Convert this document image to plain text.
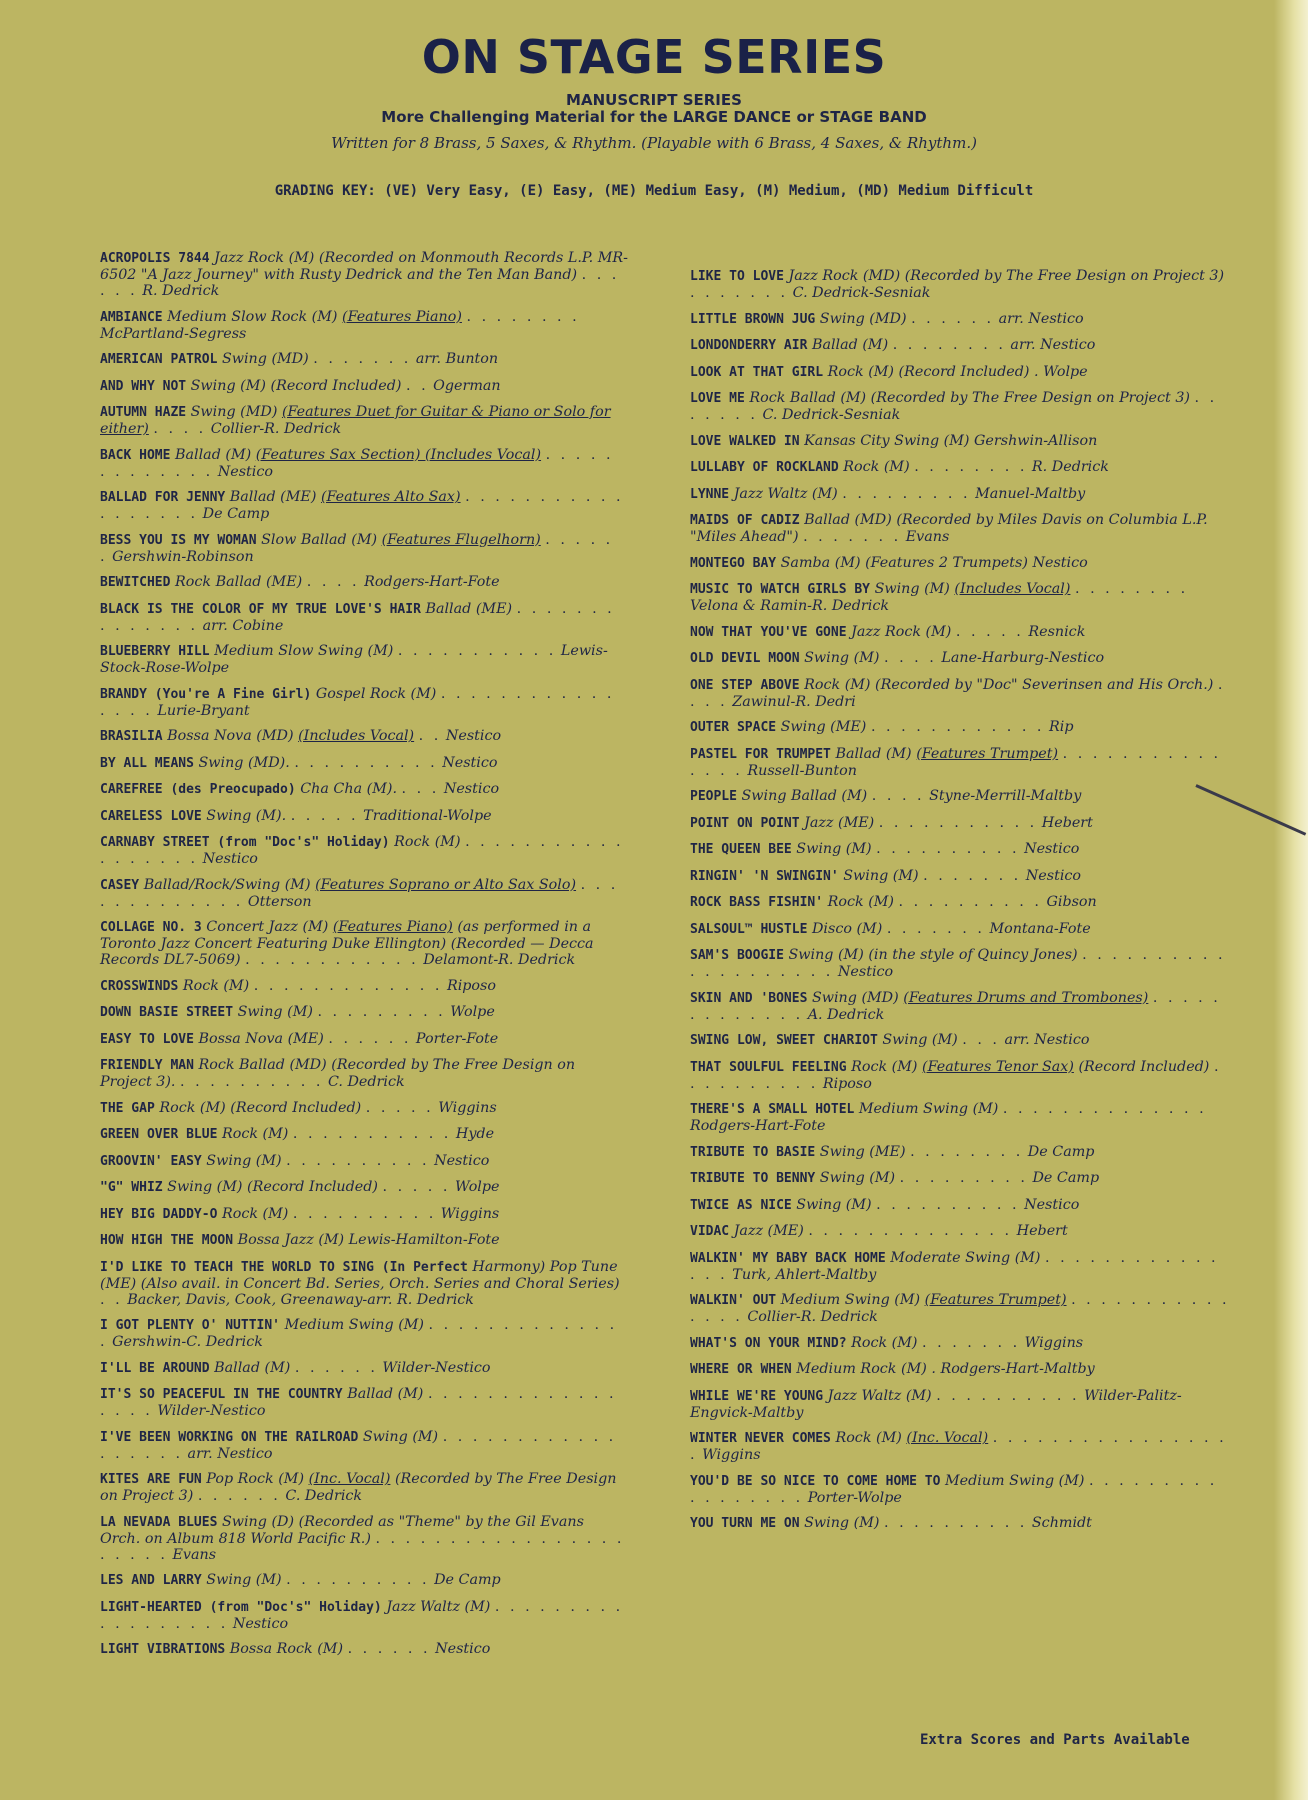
ON STAGE SERIES
MANUSCRIPT SERIES
More Challenging Material for the LARGE DANCE or STAGE BAND
Written for 8 Brass, 5 Saxes, & Rhythm. (Playable with 6 Brass, 4 Saxes, & Rhythm.)
GRADING KEY: (VE) Very Easy, (E) Easy, (ME) Medium Easy, (M) Medium, (MD) Medium Difficult
ACROPOLIS 7844 Jazz Rock (M) (Recorded on Monmouth Records L.P. MR-6502 "A Jazz Journey" with Rusty Dedrick and the Ten Man Band) . . . . . . R. Dedrick
AMBIANCE Medium Slow Rock (M) (Features Piano) . . . . . . . . McPartland-Segress
AMERICAN PATROL Swing (MD) . . . . . . . arr. Bunton
AND WHY NOT Swing (M) (Record Included) . . Ogerman
AUTUMN HAZE Swing (MD) (Features Duet for Guitar & Piano or Solo for either) . . . . Collier-R. Dedrick
BACK HOME Ballad (M) (Features Sax Section) (Includes Vocal) . . . . . . . . . . . . . Nestico
BALLAD FOR JENNY Ballad (ME) (Features Alto Sax) . . . . . . . . . . . . . . . . . . De Camp
BESS YOU IS MY WOMAN Slow Ballad (M) (Features Flugelhorn) . . . . . . Gershwin-Robinson
BEWITCHED Rock Ballad (ME) . . . . Rodgers-Hart-Fote
BLACK IS THE COLOR OF MY TRUE LOVE'S HAIR Ballad (ME) . . . . . . . . . . . . . . arr. Cobine
BLUEBERRY HILL Medium Slow Swing (M) . . . . . . . . . . . Lewis-Stock-Rose-Wolpe
BRANDY (You're A Fine Girl) Gospel Rock (M) . . . . . . . . . . . . . . . . Lurie-Bryant
BRASILIA Bossa Nova (MD) (Includes Vocal) . . Nestico
BY ALL MEANS Swing (MD). . . . . . . . . . . Nestico
CAREFREE (des Preocupado) Cha Cha (M). . . . Nestico
CARELESS LOVE Swing (M). . . . . . Traditional-Wolpe
CARNABY STREET (from "Doc's" Holiday) Rock (M) . . . . . . . . . . . . . . . . . . Nestico
CASEY Ballad/Rock/Swing (M) (Features Soprano or Alto Sax Solo) . . . . . . . . . . . . . Otterson
COLLAGE NO. 3 Concert Jazz (M) (Features Piano) (as performed in a Toronto Jazz Concert Featuring Duke Ellington) (Recorded — Decca Records DL7-5069) . . . . . . . . . . . . Delamont-R. Dedrick
CROSSWINDS Rock (M) . . . . . . . . . . . . . Riposo
DOWN BASIE STREET Swing (M) . . . . . . . . . Wolpe
EASY TO LOVE Bossa Nova (ME) . . . . . . Porter-Fote
FRIENDLY MAN Rock Ballad (MD) (Recorded by The Free Design on Project 3). . . . . . . . . . . C. Dedrick
THE GAP Rock (M) (Record Included) . . . . . Wiggins
GREEN OVER BLUE Rock (M) . . . . . . . . . . . Hyde
GROOVIN' EASY Swing (M) . . . . . . . . . . Nestico
"G" WHIZ Swing (M) (Record Included) . . . . . Wolpe
HEY BIG DADDY-O Rock (M) . . . . . . . . . . Wiggins
HOW HIGH THE MOON Bossa Jazz (M) Lewis-Hamilton-Fote
I'D LIKE TO TEACH THE WORLD TO SING (In Perfect Harmony) Pop Tune (ME) (Also avail. in Concert Bd. Series, Orch. Series and Choral Series) . . Backer, Davis, Cook, Greenaway-arr. R. Dedrick
I GOT PLENTY O' NUTTIN' Medium Swing (M) . . . . . . . . . . . . . . Gershwin-C. Dedrick
I'LL BE AROUND Ballad (M) . . . . . . Wilder-Nestico
IT'S SO PEACEFUL IN THE COUNTRY Ballad (M) . . . . . . . . . . . . . . . . . Wilder-Nestico
I'VE BEEN WORKING ON THE RAILROAD Swing (M) . . . . . . . . . . . . . . . . . . arr. Nestico
KITES ARE FUN Pop Rock (M) (Inc. Vocal) (Recorded by The Free Design on Project 3) . . . . . . C. Dedrick
LA NEVADA BLUES Swing (D) (Recorded as "Theme" by the Gil Evans Orch. on Album 818 World Pacific R.) . . . . . . . . . . . . . . . . . . . . . . Evans
LES AND LARRY Swing (M) . . . . . . . . . . De Camp
LIGHT-HEARTED (from "Doc's" Holiday) Jazz Waltz (M) . . . . . . . . . . . . . . . . . . Nestico
LIGHT VIBRATIONS Bossa Rock (M) . . . . . . Nestico
LIKE TO LOVE Jazz Rock (MD) (Recorded by The Free Design on Project 3) . . . . . . . C. Dedrick-Sesniak
LITTLE BROWN JUG Swing (MD) . . . . . . arr. Nestico
LONDONDERRY AIR Ballad (M) . . . . . . . . arr. Nestico
LOOK AT THAT GIRL Rock (M) (Record Included) . Wolpe
LOVE ME Rock Ballad (M) (Recorded by The Free Design on Project 3) . . . . . . . C. Dedrick-Sesniak
LOVE WALKED IN Kansas City Swing (M) Gershwin-Allison
LULLABY OF ROCKLAND Rock (M) . . . . . . . . R. Dedrick
LYNNE Jazz Waltz (M) . . . . . . . . . Manuel-Maltby
MAIDS OF CADIZ Ballad (MD) (Recorded by Miles Davis on Columbia L.P. "Miles Ahead") . . . . . . . Evans
MONTEGO BAY Samba (M) (Features 2 Trumpets) Nestico
MUSIC TO WATCH GIRLS BY Swing (M) (Includes Vocal) . . . . . . . . Velona & Ramin-R. Dedrick
NOW THAT YOU'VE GONE Jazz Rock (M) . . . . . Resnick
OLD DEVIL MOON Swing (M) . . . . Lane-Harburg-Nestico
ONE STEP ABOVE Rock (M) (Recorded by "Doc" Severinsen and His Orch.) . . . . Zawinul-R. Dedri
OUTER SPACE Swing (ME) . . . . . . . . . . . . Rip
PASTEL FOR TRUMPET Ballad (M) (Features Trumpet) . . . . . . . . . . . . . . . Russell-Bunton
PEOPLE Swing Ballad (M) . . . . Styne-Merrill-Maltby
POINT ON POINT Jazz (ME) . . . . . . . . . . . Hebert
THE QUEEN BEE Swing (M) . . . . . . . . . . Nestico
RINGIN' 'N SWINGIN' Swing (M) . . . . . . . Nestico
ROCK BASS FISHIN' Rock (M) . . . . . . . . . . Gibson
SALSOUL™ HUSTLE Disco (M) . . . . . . . Montana-Fote
SAM'S BOOGIE Swing (M) (in the style of Quincy Jones) . . . . . . . . . . . . . . . . . . . . Nestico
SKIN AND 'BONES Swing (MD) (Features Drums and Trombones) . . . . . . . . . . . . . A. Dedrick
SWING LOW, SWEET CHARIOT Swing (M) . . . arr. Nestico
THAT SOULFUL FEELING Rock (M) (Features Tenor Sax) (Record Included) . . . . . . . . . . Riposo
THERE'S A SMALL HOTEL Medium Swing (M) . . . . . . . . . . . . . . Rodgers-Hart-Fote
TRIBUTE TO BASIE Swing (ME) . . . . . . . . De Camp
TRIBUTE TO BENNY Swing (M) . . . . . . . . . De Camp
TWICE AS NICE Swing (M) . . . . . . . . . . Nestico
VIDAC Jazz (ME) . . . . . . . . . . . . . . Hebert
WALKIN' MY BABY BACK HOME Moderate Swing (M) . . . . . . . . . . . . . . . Turk, Ahlert-Maltby
WALKIN' OUT Medium Swing (M) (Features Trumpet) . . . . . . . . . . . . . . . Collier-R. Dedrick
WHAT'S ON YOUR MIND? Rock (M) . . . . . . . Wiggins
WHERE OR WHEN Medium Rock (M) . Rodgers-Hart-Maltby
WHILE WE'RE YOUNG Jazz Waltz (M) . . . . . . . . . . Wilder-Palitz-Engvick-Maltby
WINTER NEVER COMES Rock (M) (Inc. Vocal) . . . . . . . . . . . . . . . . . Wiggins
YOU'D BE SO NICE TO COME HOME TO Medium Swing (M) . . . . . . . . . . . . . . . . . Porter-Wolpe
YOU TURN ME ON Swing (M) . . . . . . . . . . Schmidt
Extra Scores and Parts Available
